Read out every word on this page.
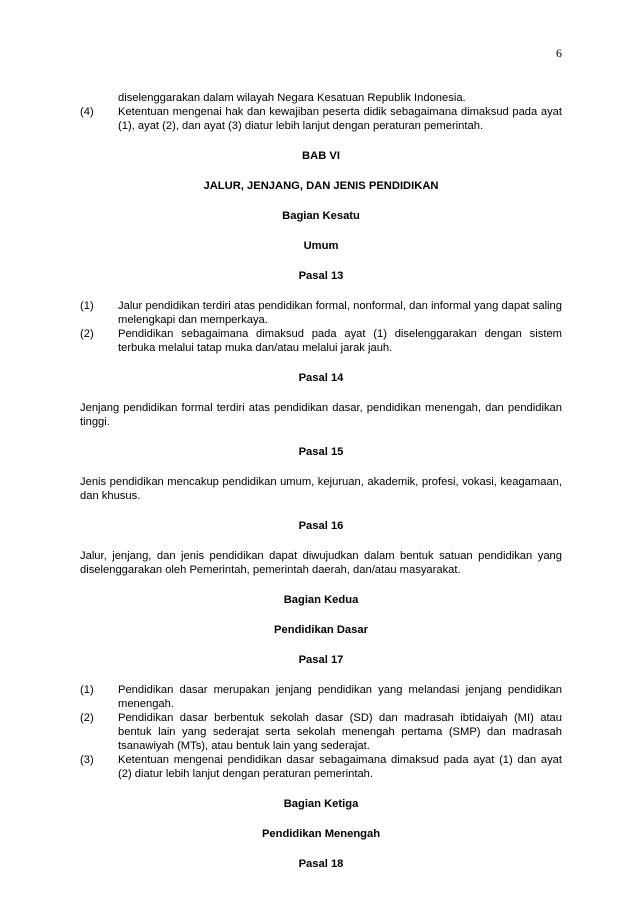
6

diselenggarakan dalam wilayah Negara Kesatuan Republik Indonesia.

(4)	Ketentuan mengenai hak dan kewajiban peserta didik sebagaimana dimaksud pada ayat (1), ayat (2), dan ayat (3) diatur lebih lanjut dengan peraturan pemerintah.

BAB VI

JALUR, JENJANG, DAN JENIS PENDIDIKAN

Bagian Kesatu

Umum

Pasal 13

(1)	Jalur pendidikan terdiri atas pendidikan formal, nonformal, dan informal yang dapat saling melengkapi dan memperkaya.
(2)	Pendidikan sebagaimana dimaksud pada ayat (1) diselenggarakan dengan sistem terbuka melalui tatap muka dan/atau melalui jarak jauh.

Pasal 14

Jenjang pendidikan formal terdiri atas pendidikan dasar, pendidikan menengah, dan pendidikan tinggi.

Pasal 15

Jenis pendidikan mencakup pendidikan umum, kejuruan, akademik, profesi, vokasi, keagamaan, dan khusus.

Pasal 16

Jalur, jenjang, dan jenis pendidikan dapat diwujudkan dalam bentuk satuan pendidikan yang diselenggarakan oleh Pemerintah, pemerintah daerah, dan/atau masyarakat.

Bagian Kedua

Pendidikan Dasar

Pasal 17

(1)	Pendidikan dasar merupakan jenjang pendidikan yang melandasi jenjang pendidikan menengah.
(2)	Pendidikan dasar berbentuk sekolah dasar (SD) dan madrasah ibtidaiyah (MI) atau bentuk lain yang sederajat serta sekolah menengah pertama (SMP) dan madrasah tsanawiyah (MTs), atau bentuk lain yang sederajat.
(3)	Ketentuan mengenai pendidikan dasar sebagaimana dimaksud pada ayat (1) dan ayat (2) diatur lebih lanjut dengan peraturan pemerintah.

Bagian Ketiga

Pendidikan Menengah

Pasal 18
